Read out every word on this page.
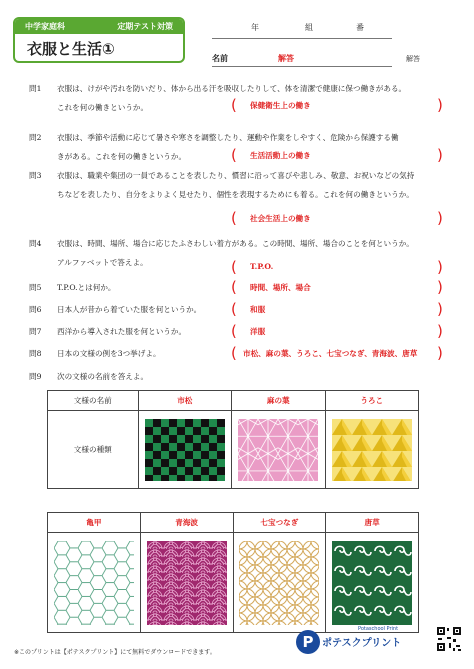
中学家庭科	定期テスト対策
衣服と生活①
年	組	番
名前	解答	解答
問1 衣服は、けがや汚れを防いだり、体から出る汗を吸収したりして、体を清潔で健康に保つ働きがある。
これを何の働きというか。	( 保健衛生上の働き	)
問2 衣服は、季節や活動に応じて暑さや寒さを調整したり、運動や作業をしやすく、危険から保護する働
きがある。これを何の働きというか。	( 生活活動上の働き	)
問3 衣服は、職業や集団の一員であることを表したり、慣習に沿って喜びや悲しみ、敬意、お祝いなどの気持
ちなどを表したり、自分をよりよく見せたり、個性を表現するためにも着る。これを何の働きというか。
( 社会生活上の働き	)
問4 衣服は、時間、場所、場合に応じたふさわしい着方がある。この時間、場所、場合のことを何というか。
アルファベットで答えよ。	( T.P.O.	)
問5 T.P.O.とは何か。	( 時間、場所、場合	)
問6 日本人が昔から着ていた服を何というか。 ( 和服	)
問7 西洋から導入された服を何というか。	( 洋服	)
問8 日本の文様の例を3つ挙げよ。	( 市松、麻の葉、うろこ、七宝つなぎ、青海波、唐草 )
問9 次の文様の名前を答えよ。
文様の名前	市松	麻の葉	うろこ
文様の種類	

亀甲	青海波	七宝つなぎ	唐草

※このプリントは【ポテスクプリント】にて無料でダウンロードできます。
P
Potaschool Print
ポテスクプリント
